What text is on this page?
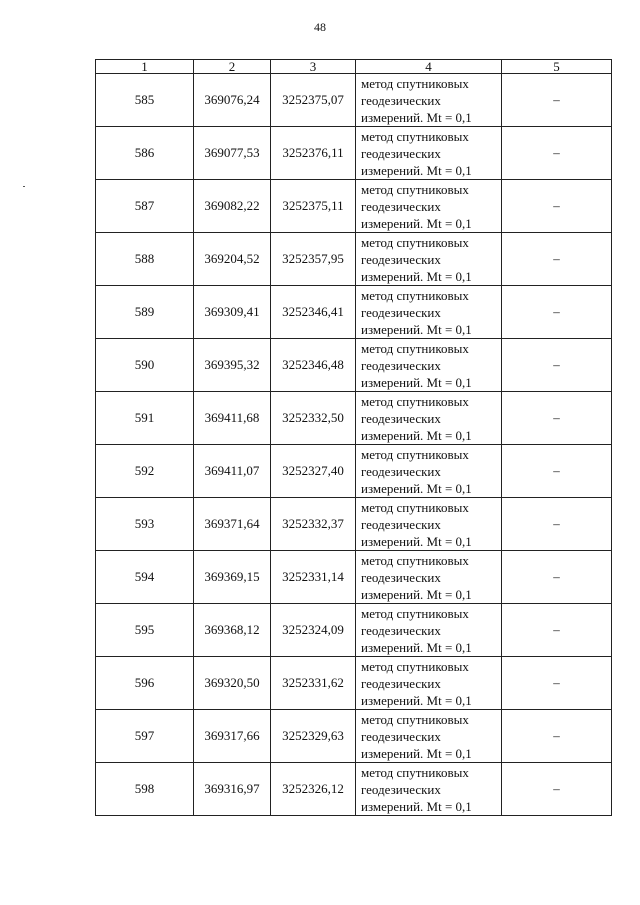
48
1	2	3	4	5
585	369076,24	3252375,07	метод спутниковых
геодезических
измерений. Mt = 0,1	–
586	369077,53	3252376,11	метод спутниковых
геодезических
измерений. Mt = 0,1	–
587	369082,22	3252375,11	метод спутниковых
геодезических
измерений. Mt = 0,1	–
588	369204,52	3252357,95	метод спутниковых
геодезических
измерений. Mt = 0,1	–
589	369309,41	3252346,41	метод спутниковых
геодезических
измерений. Mt = 0,1	–
590	369395,32	3252346,48	метод спутниковых
геодезических
измерений. Mt = 0,1	–
591	369411,68	3252332,50	метод спутниковых
геодезических
измерений. Mt = 0,1	–
592	369411,07	3252327,40	метод спутниковых
геодезических
измерений. Mt = 0,1	–
593	369371,64	3252332,37	метод спутниковых
геодезических
измерений. Mt = 0,1	–
594	369369,15	3252331,14	метод спутниковых
геодезических
измерений. Mt = 0,1	–
595	369368,12	3252324,09	метод спутниковых
геодезических
измерений. Mt = 0,1	–
596	369320,50	3252331,62	метод спутниковых
геодезических
измерений. Mt = 0,1	–
597	369317,66	3252329,63	метод спутниковых
геодезических
измерений. Mt = 0,1	–
598	369316,97	3252326,12	метод спутниковых
геодезических
измерений. Mt = 0,1	–
